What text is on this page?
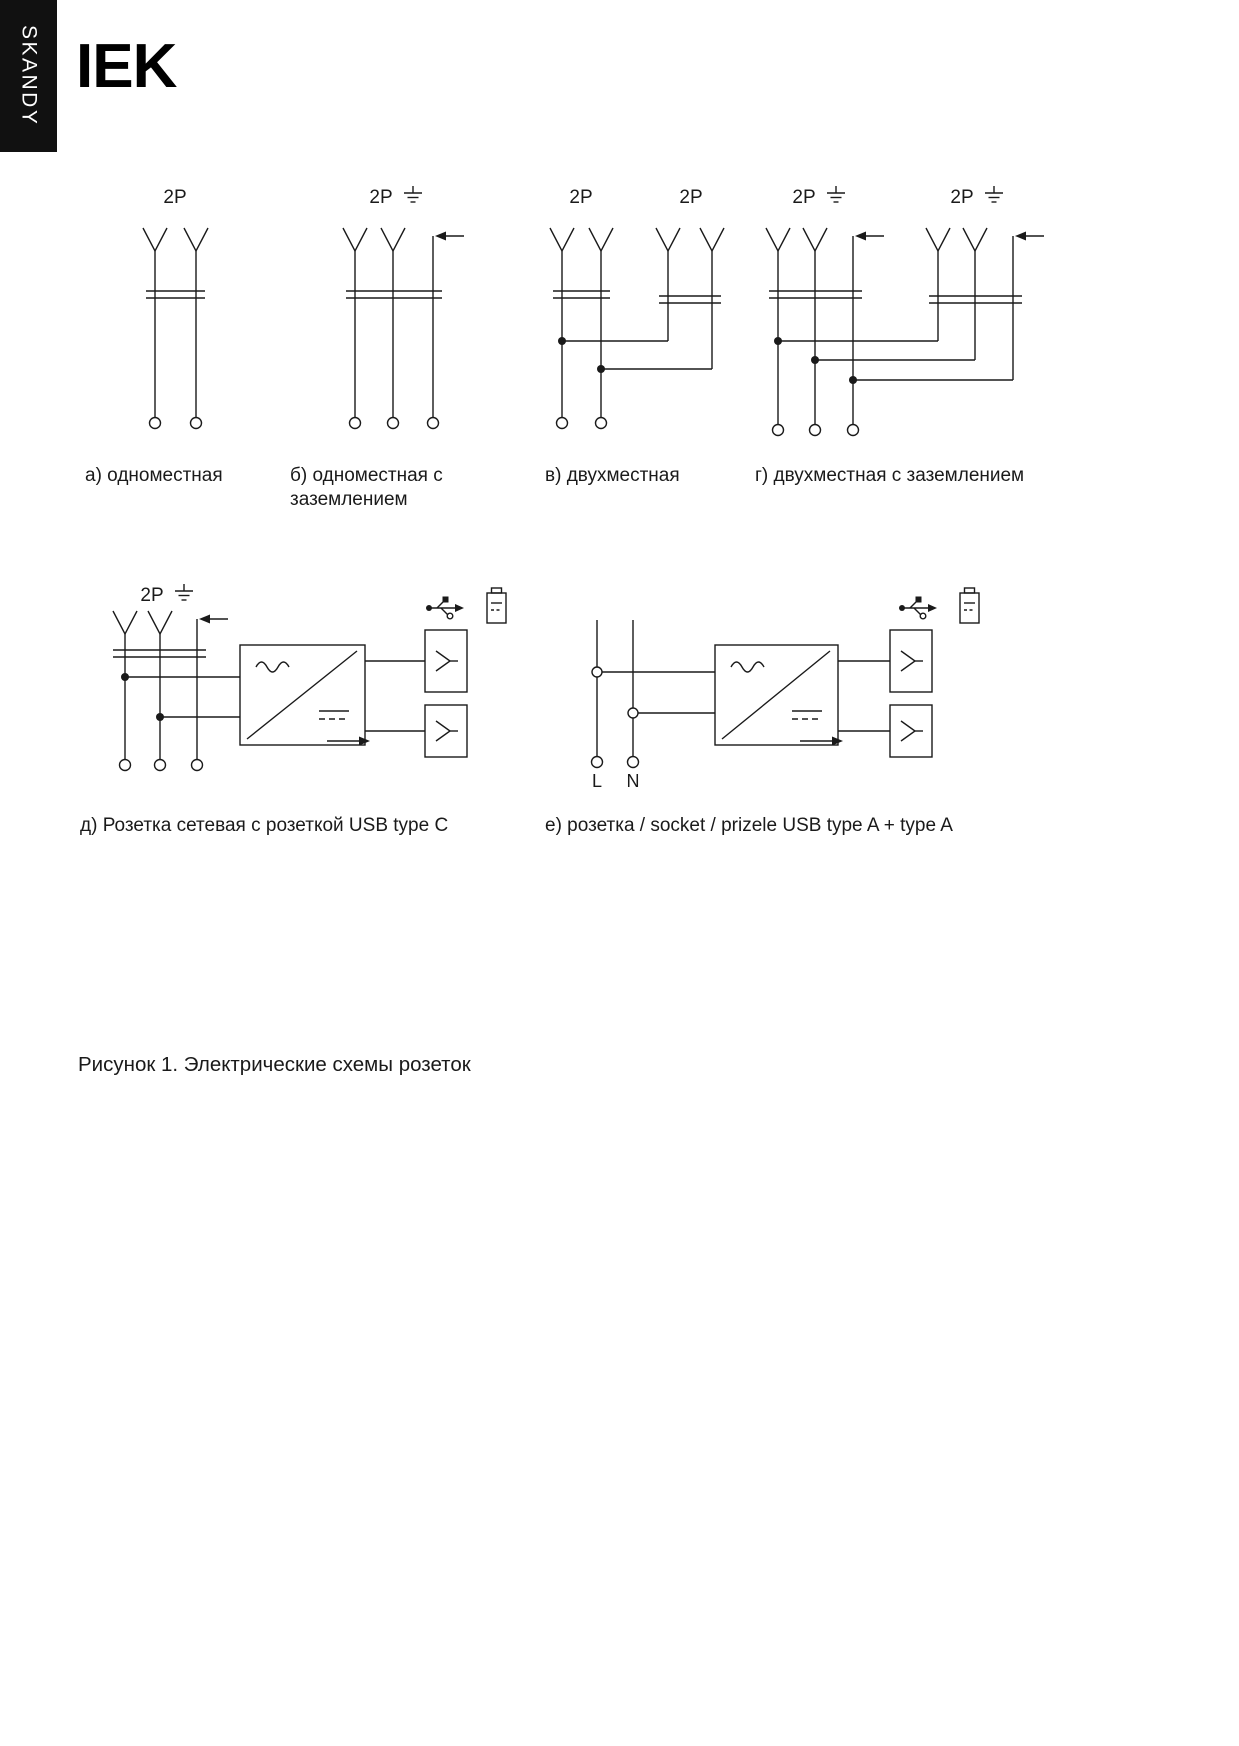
SKANDY IEK
2P
а) одноместная
2P
б) одноместная с
заземлением
2P	2P
в) двухместная
2P	2P
г) двухместная с заземлением
2P
д) Розетка сетевая с розеткой USB type C
L N
е) розетка / socket / prizele USB type A + type A
Рисунок 1. Электрические схемы розеток
